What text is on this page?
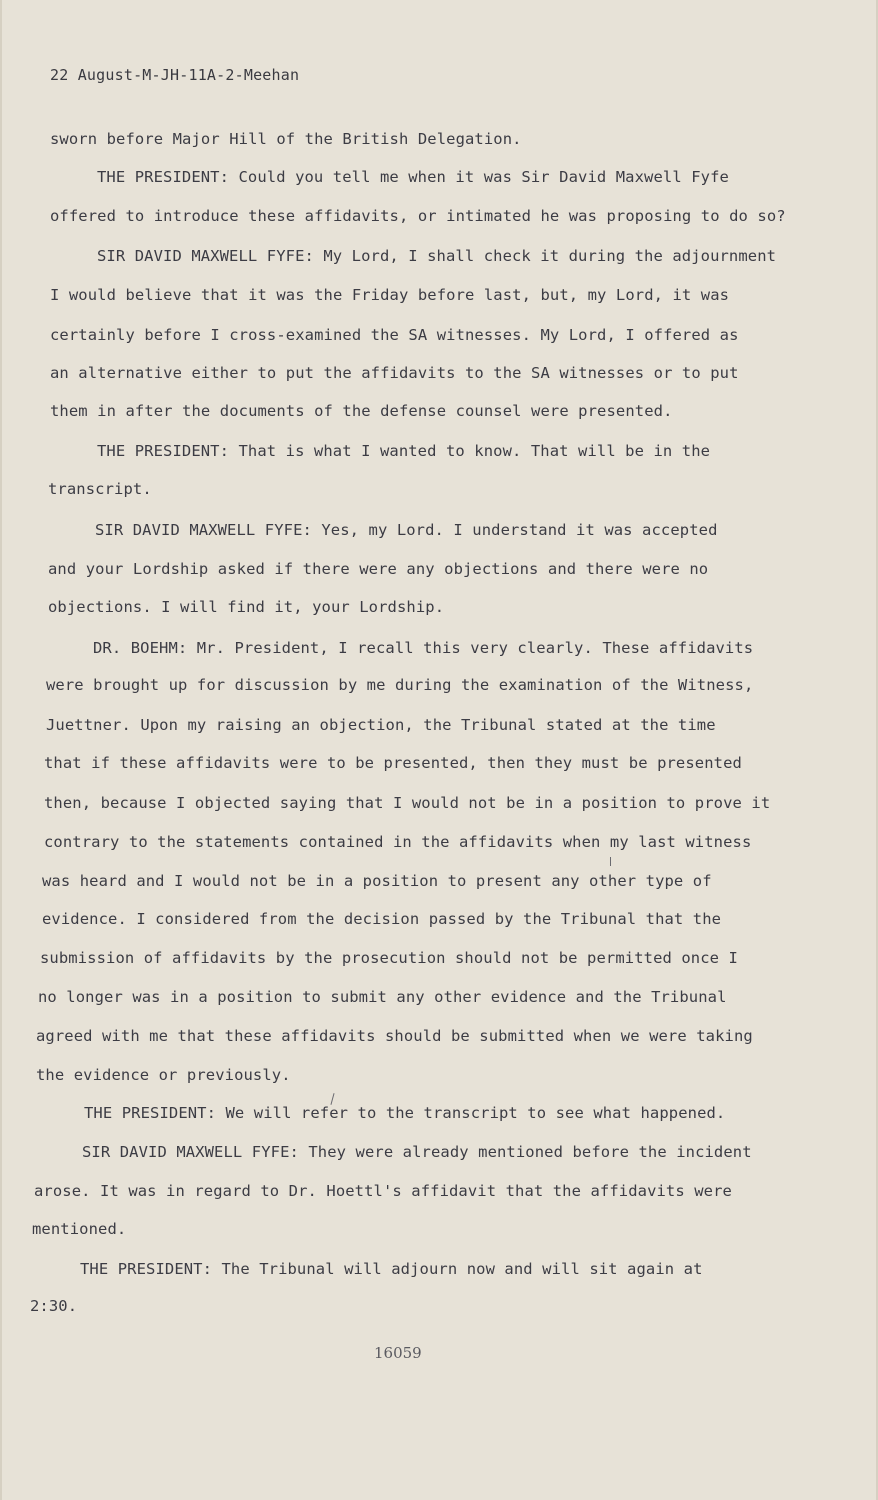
22 August-M-JH-11A-2-Meehan
sworn before Major Hill of the British Delegation.
THE PRESIDENT: Could you tell me when it was Sir David Maxwell Fyfe
offered to introduce these affidavits, or intimated he was proposing to do so?
SIR DAVID MAXWELL FYFE: My Lord, I shall check it during the adjournment
I would believe that it was the Friday before last, but, my Lord, it was
certainly before I cross-examined the SA witnesses. My Lord, I offered as
an alternative either to put the affidavits to the SA witnesses or to put
them in after the documents of the defense counsel were presented.
THE PRESIDENT: That is what I wanted to know. That will be in the
transcript.
SIR DAVID MAXWELL FYFE: Yes, my Lord. I understand it was accepted
and your Lordship asked if there were any objections and there were no
objections. I will find it, your Lordship.
DR. BOEHM: Mr. President, I recall this very clearly. These affidavits
were brought up for discussion by me during the examination of the Witness,
Juettner. Upon my raising an objection, the Tribunal stated at the time
that if these affidavits were to be presented, then they must be presented
then, because I objected saying that I would not be in a position to prove it
contrary to the statements contained in the affidavits when my last witness
was heard and I would not be in a position to present any other type of
evidence. I considered from the decision passed by the Tribunal that the
submission of affidavits by the prosecution should not be permitted once I
no longer was in a position to submit any other evidence and the Tribunal
agreed with me that these affidavits should be submitted when we were taking
the evidence or previously.
THE PRESIDENT: We will refer to the transcript to see what happened.
SIR DAVID MAXWELL FYFE: They were already mentioned before the incident
arose. It was in regard to Dr. Hoettl's affidavit that the affidavits were
mentioned.
THE PRESIDENT: The Tribunal will adjourn now and will sit again at
2:30.
16059
